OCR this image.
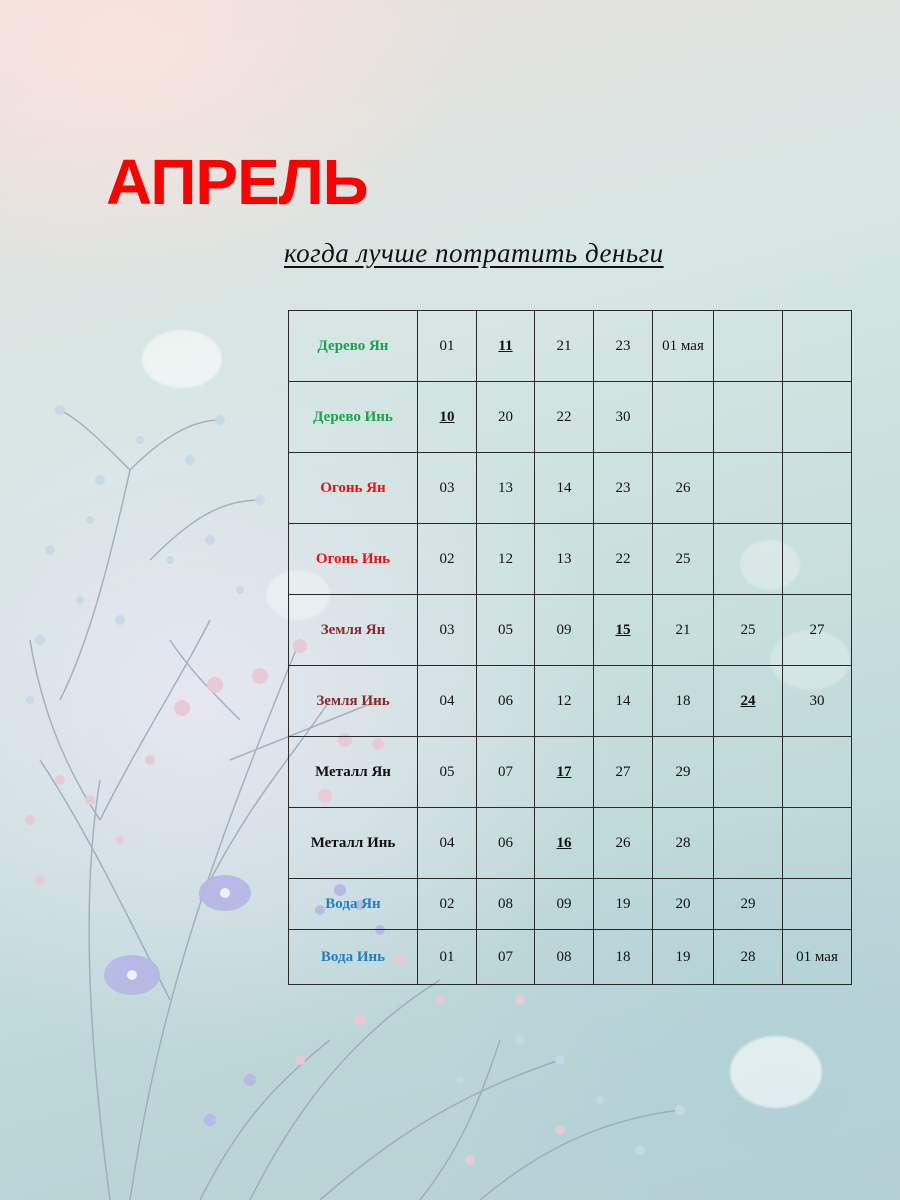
АПРЕЛЬ
когда лучше потратить деньги
Дерево Ян	01	11	21	23	01 мая		
Дерево Инь	10	20	22	30			
Огонь Ян	03	13	14	23	26		
Огонь Инь	02	12	13	22	25		
Земля Ян	03	05	09	15	21	25	27
Земля Инь	04	06	12	14	18	24	30
Металл Ян	05	07	17	27	29		
Металл Инь	04	06	16	26	28		
Вода Ян	02	08	09	19	20	29	
Вода Инь	01	07	08	18	19	28	01 мая
